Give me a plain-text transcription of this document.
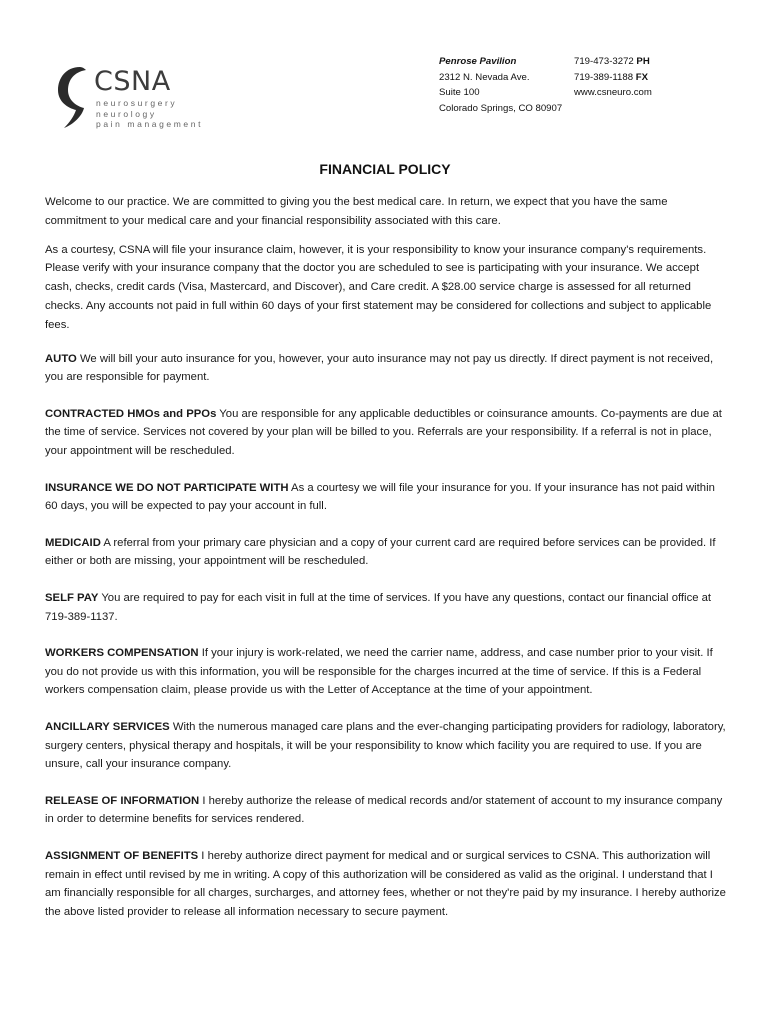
CSNA
neurosurgery
neurology
pain management
Penrose Pavilion
2312 N. Nevada Ave.
Suite 100
Colorado Springs, CO 80907
719-473-3272 PH
719-389-1188 FX
www.csneuro.com
FINANCIAL POLICY

Welcome to our practice. We are committed to giving you the best medical care. In return, we expect that you have the same commitment to your medical care and your financial responsibility associated with this care.

As a courtesy, CSNA will file your insurance claim, however, it is your responsibility to know your insurance company's requirements. Please verify with your insurance company that the doctor you are scheduled to see is participating with your insurance. We accept cash, checks, credit cards (Visa, Mastercard, and Discover), and Care credit. A $28.00 service charge is assessed for all returned checks. Any accounts not paid in full within 60 days of your first statement may be considered for collections and subject to applicable fees.

AUTO We will bill your auto insurance for you, however, your auto insurance may not pay us directly. If direct payment is not received, you are responsible for payment.

CONTRACTED HMOs and PPOs You are responsible for any applicable deductibles or coinsurance amounts. Co-payments are due at the time of service. Services not covered by your plan will be billed to you. Referrals are your responsibility. If a referral is not in place, your appointment will be rescheduled.

INSURANCE WE DO NOT PARTICIPATE WITH As a courtesy we will file your insurance for you. If your insurance has not paid within 60 days, you will be expected to pay your account in full.

MEDICAID A referral from your primary care physician and a copy of your current card are required before services can be provided. If either or both are missing, your appointment will be rescheduled.

SELF PAY You are required to pay for each visit in full at the time of services. If you have any questions, contact our financial office at 719-389-1137.

WORKERS COMPENSATION If your injury is work-related, we need the carrier name, address, and case number prior to your visit. If you do not provide us with this information, you will be responsible for the charges incurred at the time of service. If this is a Federal workers compensation claim, please provide us with the Letter of Acceptance at the time of your appointment.

ANCILLARY SERVICES With the numerous managed care plans and the ever-changing participating providers for radiology, laboratory, surgery centers, physical therapy and hospitals, it will be your responsibility to know which facility you are required to use. If you are unsure, call your insurance company.

RELEASE OF INFORMATION I hereby authorize the release of medical records and/or statement of account to my insurance company in order to determine benefits for services rendered.

ASSIGNMENT OF BENEFITS I hereby authorize direct payment for medical and or surgical services to CSNA. This authorization will remain in effect until revised by me in writing. A copy of this authorization will be considered as valid as the original. I understand that I am financially responsible for all charges, surcharges, and attorney fees, whether or not they're paid by my insurance. I hereby authorize the above listed provider to release all information necessary to secure payment.
